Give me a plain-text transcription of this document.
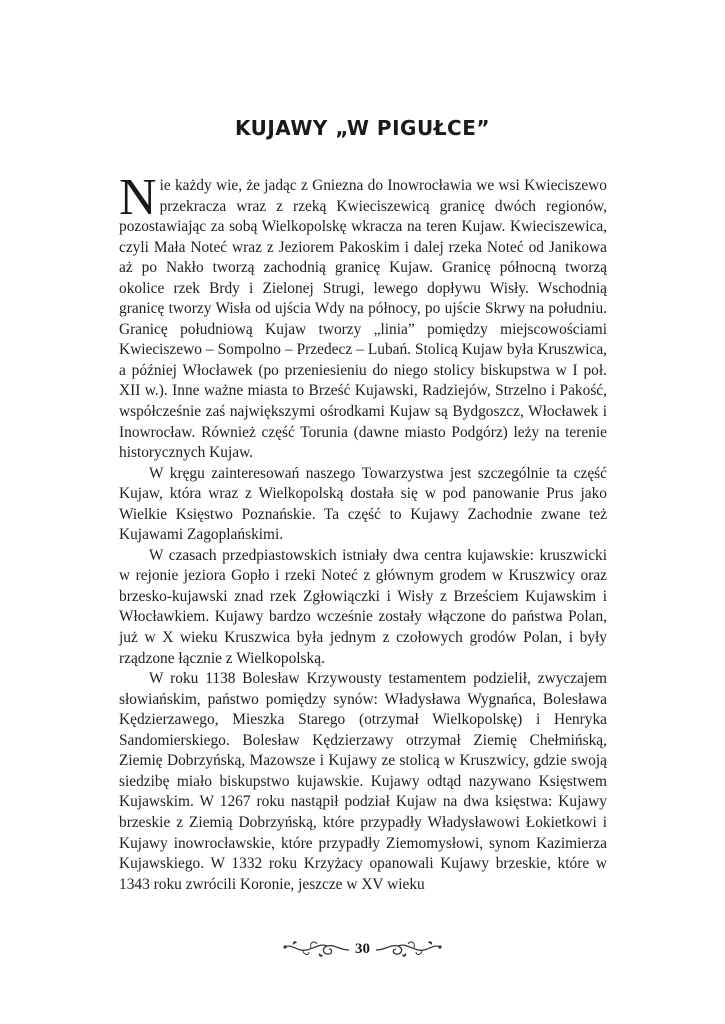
KUJAWY „W PIGUŁCE”

Nie każdy wie, że jadąc z Gniezna do Inowrocławia we wsi Kwieciszewo przekracza wraz z rzeką Kwieciszewicą granicę dwóch regionów, pozostawiając za sobą Wielkopolskę wkracza na teren Kujaw. Kwieciszewica, czyli Mała Noteć wraz z Jeziorem Pakoskim i dalej rzeka Noteć od Janikowa aż po Nakło tworzą zachodnią granicę Kujaw. Granicę północną tworzą okolice rzek Brdy i Zielonej Strugi, lewego dopływu Wisły. Wschodnią granicę tworzy Wisła od ujścia Wdy na północy, po ujście Skrwy na południu. Granicę południową Kujaw tworzy „linia” pomiędzy miejscowościami Kwieciszewo – Sompolno – Przedecz – Lubań. Stolicą Kujaw była Kruszwica, a później Włocławek (po przeniesieniu do niego stolicy biskupstwa w I poł. XII w.). Inne ważne miasta to Brześć Kujawski, Radziejów, Strzelno i Pakość, współcześnie zaś największymi ośrodkami Kujaw są Bydgoszcz, Włocławek i Inowrocław. Również część Torunia (dawne miasto Podgórz) leży na terenie historycznych Kujaw.

W kręgu zainteresowań naszego Towarzystwa jest szczególnie ta część Kujaw, która wraz z Wielkopolską dostała się w pod panowanie Prus jako Wielkie Księstwo Poznańskie. Ta część to Kujawy Zachodnie zwane też Kujawami Zagoplańskimi.

W czasach przedpiastowskich istniały dwa centra kujawskie: kruszwicki w rejonie jeziora Gopło i rzeki Noteć z głównym grodem w Kruszwicy oraz brzesko-kujawski znad rzek Zgłowiączki i Wisły z Brześciem Kujawskim i Włocławkiem. Kujawy bardzo wcześnie zostały włączone do państwa Polan, już w X wieku Kruszwica była jednym z czołowych grodów Polan, i były rządzone łącznie z Wielkopolską.

W roku 1138 Bolesław Krzywousty testamentem podzielił, zwyczajem słowiańskim, państwo pomiędzy synów: Władysława Wygnańca, Bolesława Kędzierzawego, Mieszka Starego (otrzymał Wielkopolskę) i Henryka Sandomierskiego. Bolesław Kędzierzawy otrzymał Ziemię Chełmińską, Ziemię Dobrzyńską, Mazowsze i Kujawy ze stolicą w Kruszwicy, gdzie swoją siedzibę miało biskupstwo kujawskie. Kujawy odtąd nazywano Księstwem Kujawskim. W 1267 roku nastąpił podział Kujaw na dwa księstwa: Kujawy brzeskie z Ziemią Dobrzyńską, które przypadły Władysławowi Łokietkowi i Kujawy inowrocławskie, które przypadły Ziemomysłowi, synom Kazimierza Kujawskiego. W 1332 roku Krzyżacy opanowali Kujawy brzeskie, które w 1343 roku zwrócili Koronie, jeszcze w XV wieku

30
